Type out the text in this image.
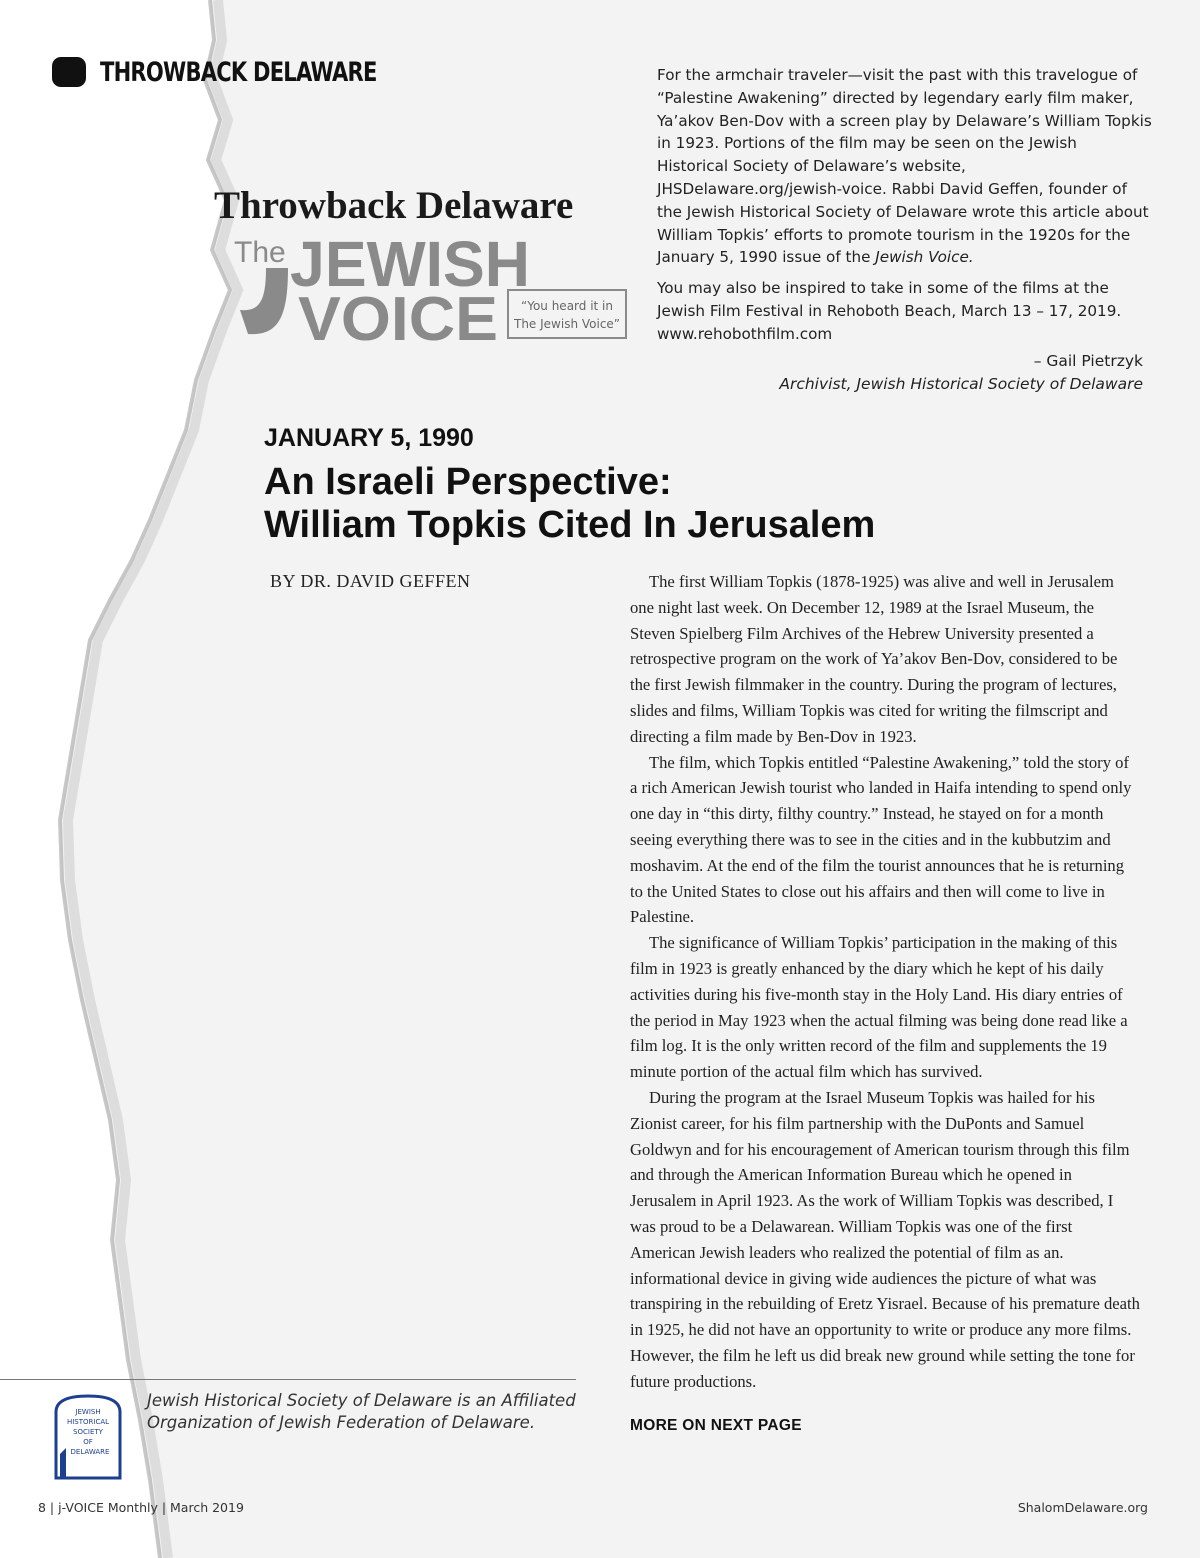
THROWBACK DELAWARE
Throwback Delaware
The JEWISH
VOICE “You heard it in
The Jewish Voice”

For the armchair traveler—visit the past with this travelogue of “Palestine Awakening” directed by legendary early film maker, Ya’akov Ben-Dov with a screen play by Delaware’s William Topkis in 1923. Portions of the film may be seen on the Jewish Historical Society of Delaware’s website, JHSDelaware.org/jewish-voice. Rabbi David Geffen, founder of the Jewish Historical Society of Delaware wrote this article about William Topkis’ efforts to promote tourism in the 1920s for the January 5, 1990 issue of the Jewish Voice.

You may also be inspired to take in some of the films at the Jewish Film Festival in Rehoboth Beach, March 13 – 17, 2019. www.rehobothfilm.com

– Gail Pietrzyk
Archivist, Jewish Historical Society of Delaware
JANUARY 5, 1990
An Israeli Perspective:
William Topkis Cited In Jerusalem
BY DR. DAVID GEFFEN	The first William Topkis (1878-1925) was alive and well in Jerusalem one night last week. On December 12, 1989 at the Israel Museum, the Steven Spielberg Film Archives of the Hebrew University presented a retrospective program on the work of Ya’akov Ben-Dov, considered to be the first Jewish filmmaker in the country. During the program of lectures, slides and films, William Topkis was cited for writing the filmscript and directing a film made by Ben-Dov in 1923.

The film, which Topkis entitled “Palestine Awakening,” told the story of a rich American Jewish tourist who landed in Haifa intending to spend only one day in “this dirty, filthy country.” Instead, he stayed on for a month seeing everything there was to see in the cities and in the kubbutzim and moshavim. At the end of the film the tourist announces that he is returning to the United States to close out his affairs and then will come to live in Palestine.

The significance of William Topkis’ participation in the making of this film in 1923 is greatly enhanced by the diary which he kept of his daily activities during his five-month stay in the Holy Land. His diary entries of the period in May 1923 when the actual filming was being done read like a film log. It is the only written record of the film and supplements the 19 minute portion of the actual film which has survived.

During the program at the Israel Museum Topkis was hailed for his Zionist career, for his film partnership with the DuPonts and Samuel Goldwyn and for his encouragement of American tourism through this film and through the American Information Bureau which he opened in Jerusalem in April 1923. As the work of William Topkis was described, I was proud to be a Delawarean. William Topkis was one of the first American Jewish leaders who realized the potential of film as an. informational device in giving wide audiences the picture of what was transpiring in the rebuilding of Eretz Yisrael. Because of his premature death in 1925, he did not have an opportunity to write or produce any more films. However, the film he left us did break new ground while setting the tone for future productions.

MORE ON NEXT PAGE
JEWISH
HISTORICAL
SOCIETY
OF
DELAWARE
Jewish Historical Society of Delaware is an Affiliated Organization of Jewish Federation of Delaware.
8 | j-VOICE Monthly | March 2019	ShalomDelaware.org
